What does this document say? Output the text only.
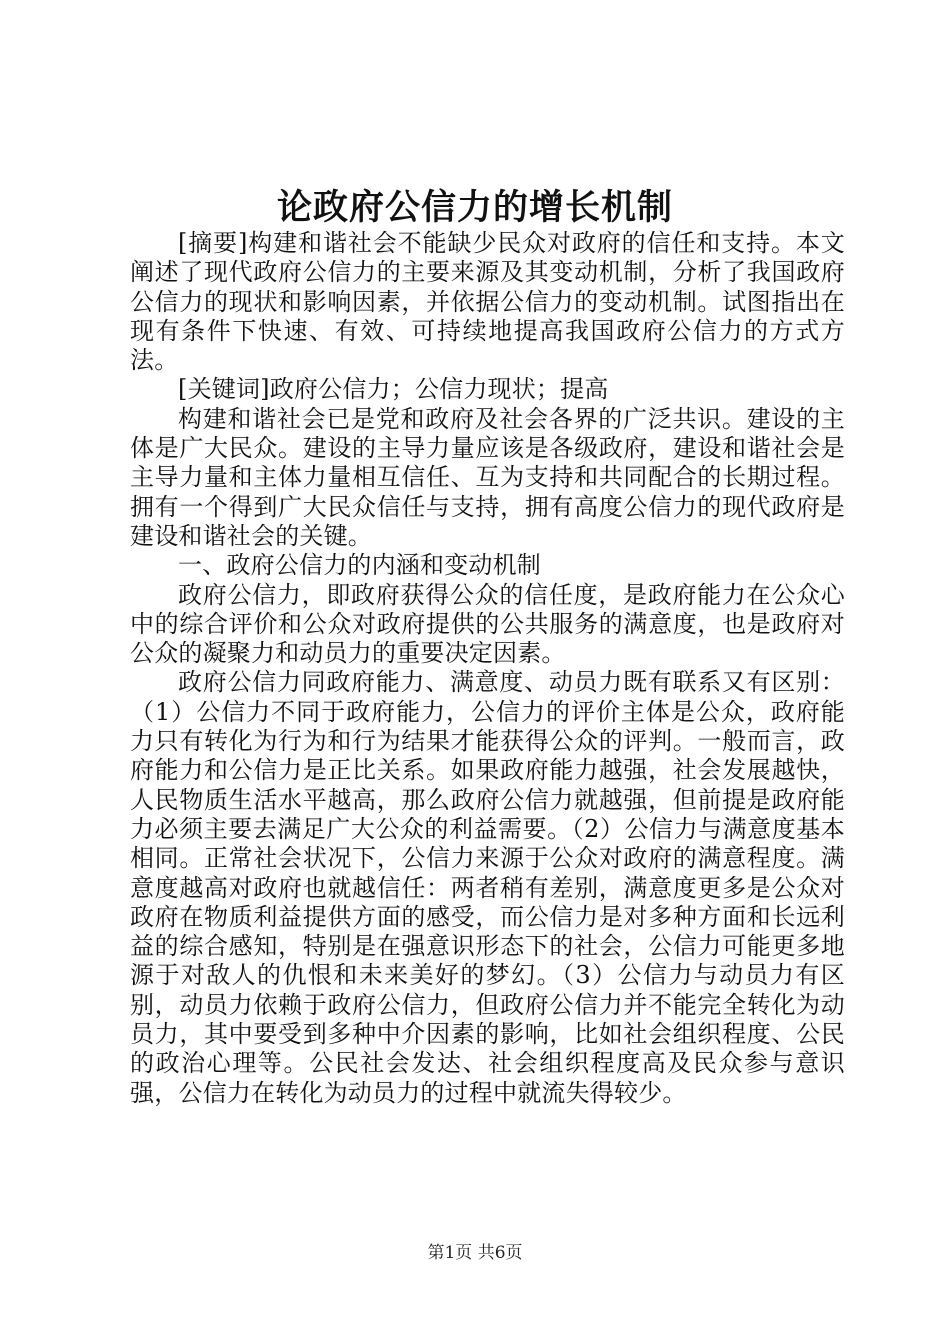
论政府公信力的增长机制

[摘要]构建和谐社会不能缺少民众对政府的信任和支持。本文阐述了现代政府公信力的主要来源及其变动机制，分析了我国政府公信力的现状和影响因素，并依据公信力的变动机制。试图指出在现有条件下快速、有效、可持续地提高我国政府公信力的方式方法。

[关键词]政府公信力；公信力现状；提高

构建和谐社会已是党和政府及社会各界的广泛共识。建设的主体是广大民众。建设的主导力量应该是各级政府，建设和谐社会是主导力量和主体力量相互信任、互为支持和共同配合的长期过程。拥有一个得到广大民众信任与支持，拥有高度公信力的现代政府是建设和谐社会的关键。

一、政府公信力的内涵和变动机制

政府公信力，即政府获得公众的信任度，是政府能力在公众心中的综合评价和公众对政府提供的公共服务的满意度，也是政府对公众的凝聚力和动员力的重要决定因素。

政府公信力同政府能力、满意度、动员力既有联系又有区别：（1）公信力不同于政府能力，公信力的评价主体是公众，政府能力只有转化为行为和行为结果才能获得公众的评判。一般而言，政府能力和公信力是正比关系。如果政府能力越强，社会发展越快，人民物质生活水平越高，那么政府公信力就越强，但前提是政府能力必须主要去满足广大公众的利益需要。（2）公信力与满意度基本相同。正常社会状况下，公信力来源于公众对政府的满意程度。满意度越高对政府也就越信任：两者稍有差别，满意度更多是公众对政府在物质利益提供方面的感受，而公信力是对多种方面和长远利益的综合感知，特别是在强意识形态下的社会，公信力可能更多地源于对敌人的仇恨和未来美好的梦幻。（3）公信力与动员力有区别，动员力依赖于政府公信力，但政府公信力并不能完全转化为动员力，其中要受到多种中介因素的影响，比如社会组织程度、公民的政治心理等。公民社会发达、社会组织程度高及民众参与意识强，公信力在转化为动员力的过程中就流失得较少。

第1页 共6页
